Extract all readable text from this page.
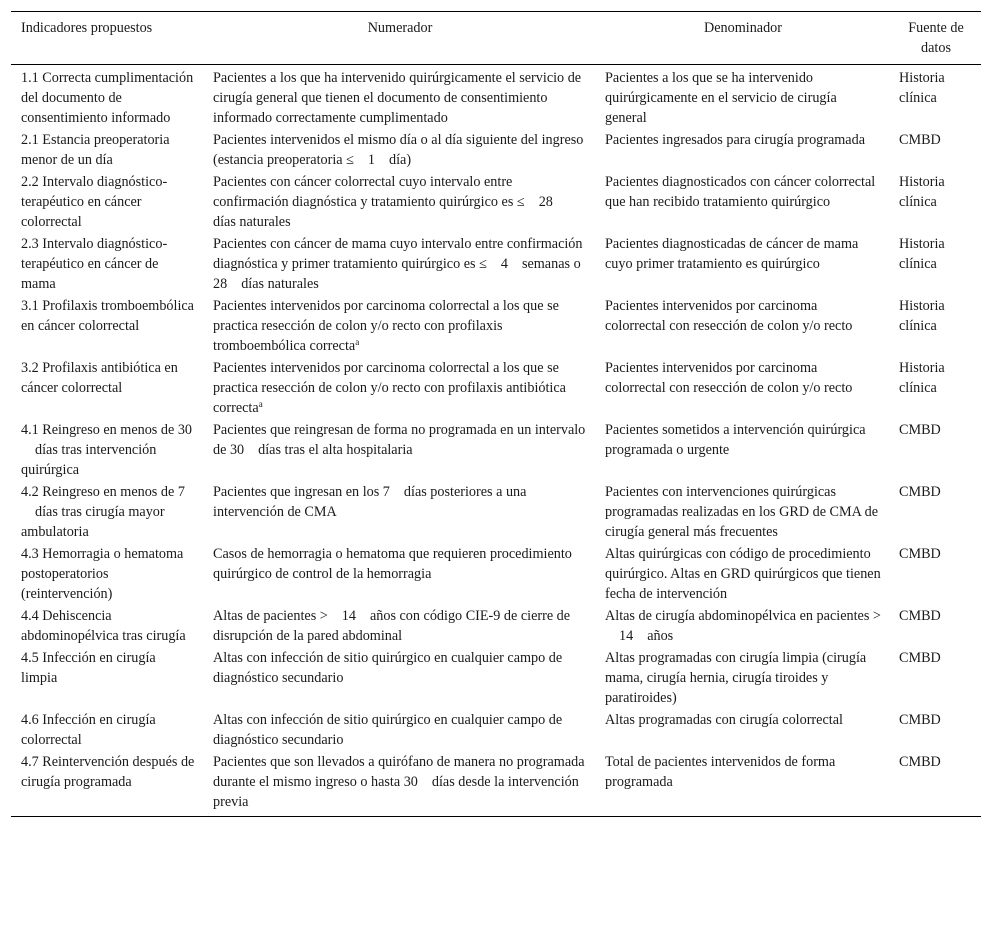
Indicadores propuestos	Numerador	Denominador	Fuente de datos
1.1 Correcta cumplimentación del documento de consentimiento informado	Pacientes a los que ha intervenido quirúrgicamente el servicio de cirugía general que tienen el documento de consentimiento informado correctamente cumplimentado	Pacientes a los que se ha intervenido quirúrgicamente en el servicio de cirugía general	Historia clínica
2.1 Estancia preoperatoria menor de un día	Pacientes intervenidos el mismo día o al día siguiente del ingreso (estancia preoperatoria ≤ 1 día)	Pacientes ingresados para cirugía programada	CMBD
2.2 Intervalo diagnóstico-terapéutico en cáncer colorrectal	Pacientes con cáncer colorrectal cuyo intervalo entre confirmación diagnóstica y tratamiento quirúrgico es ≤ 28días naturales	Pacientes diagnosticados con cáncer colorrectal que han recibido tratamiento quirúrgico	Historia clínica
2.3 Intervalo diagnóstico-terapéutico en cáncer de mama	Pacientes con cáncer de mama cuyo intervalo entre confirmación diagnóstica y primer tratamiento quirúrgico es ≤ 4 semanas o 28 días naturales	Pacientes diagnosticadas de cáncer de mama cuyo primer tratamiento es quirúrgico	Historia clínica
3.1 Profilaxis tromboembólica en cáncer colorrectal	Pacientes intervenidos por carcinoma colorrectal a los que se practica resección de colon y/o recto con profilaxis tromboembólica correcta$^a$	Pacientes intervenidos por carcinoma colorrectal con resección de colon y/o recto	Historia clínica
3.2 Profilaxis antibiótica en cáncer colorrectal	Pacientes intervenidos por carcinoma colorrectal a los que se practica resección de colon y/o recto con profilaxis antibiótica correcta$^a$	Pacientes intervenidos por carcinoma colorrectal con resección de colon y/o recto	Historia clínica
4.1 Reingreso en menos de 30días tras intervención quirúrgica	Pacientes que reingresan de forma no programada en un intervalo de 30 días tras el alta hospitalaria	Pacientes sometidos a intervención quirúrgica programada o urgente	CMBD
4.2 Reingreso en menos de 7días tras cirugía mayor ambulatoria	Pacientes que ingresan en los 7 días posteriores a una intervención de CMA	Pacientes con intervenciones quirúrgicas programadas realizadas en los GRD de CMA de cirugía general más frecuentes	CMBD
4.3 Hemorragia o hematoma postoperatorios (reintervención)	Casos de hemorragia o hematoma que requieren procedimiento quirúrgico de control de la hemorragia	Altas quirúrgicas con código de procedimiento quirúrgico. Altas en GRD quirúrgicos que tienen fecha de intervención	CMBD
4.4 Dehiscencia abdominopélvica tras cirugía	Altas de pacientes > 14 años con código CIE-9 de cierre de disrupción de la pared abdominal	Altas de cirugía abdominopélvica en pacientes >14 años	CMBD
4.5 Infección en cirugía limpia	Altas con infección de sitio quirúrgico en cualquier campo de diagnóstico secundario	Altas programadas con cirugía limpia (cirugía mama, cirugía hernia, cirugía tiroides y paratiroides)	CMBD
4.6 Infección en cirugía colorrectal	Altas con infección de sitio quirúrgico en cualquier campo de diagnóstico secundario	Altas programadas con cirugía colorrectal	CMBD
4.7 Reintervención después de cirugía programada	Pacientes que son llevados a quirófano de manera no programada durante el mismo ingreso o hasta 30 días desde la intervención previa	Total de pacientes intervenidos de forma programada	CMBD
